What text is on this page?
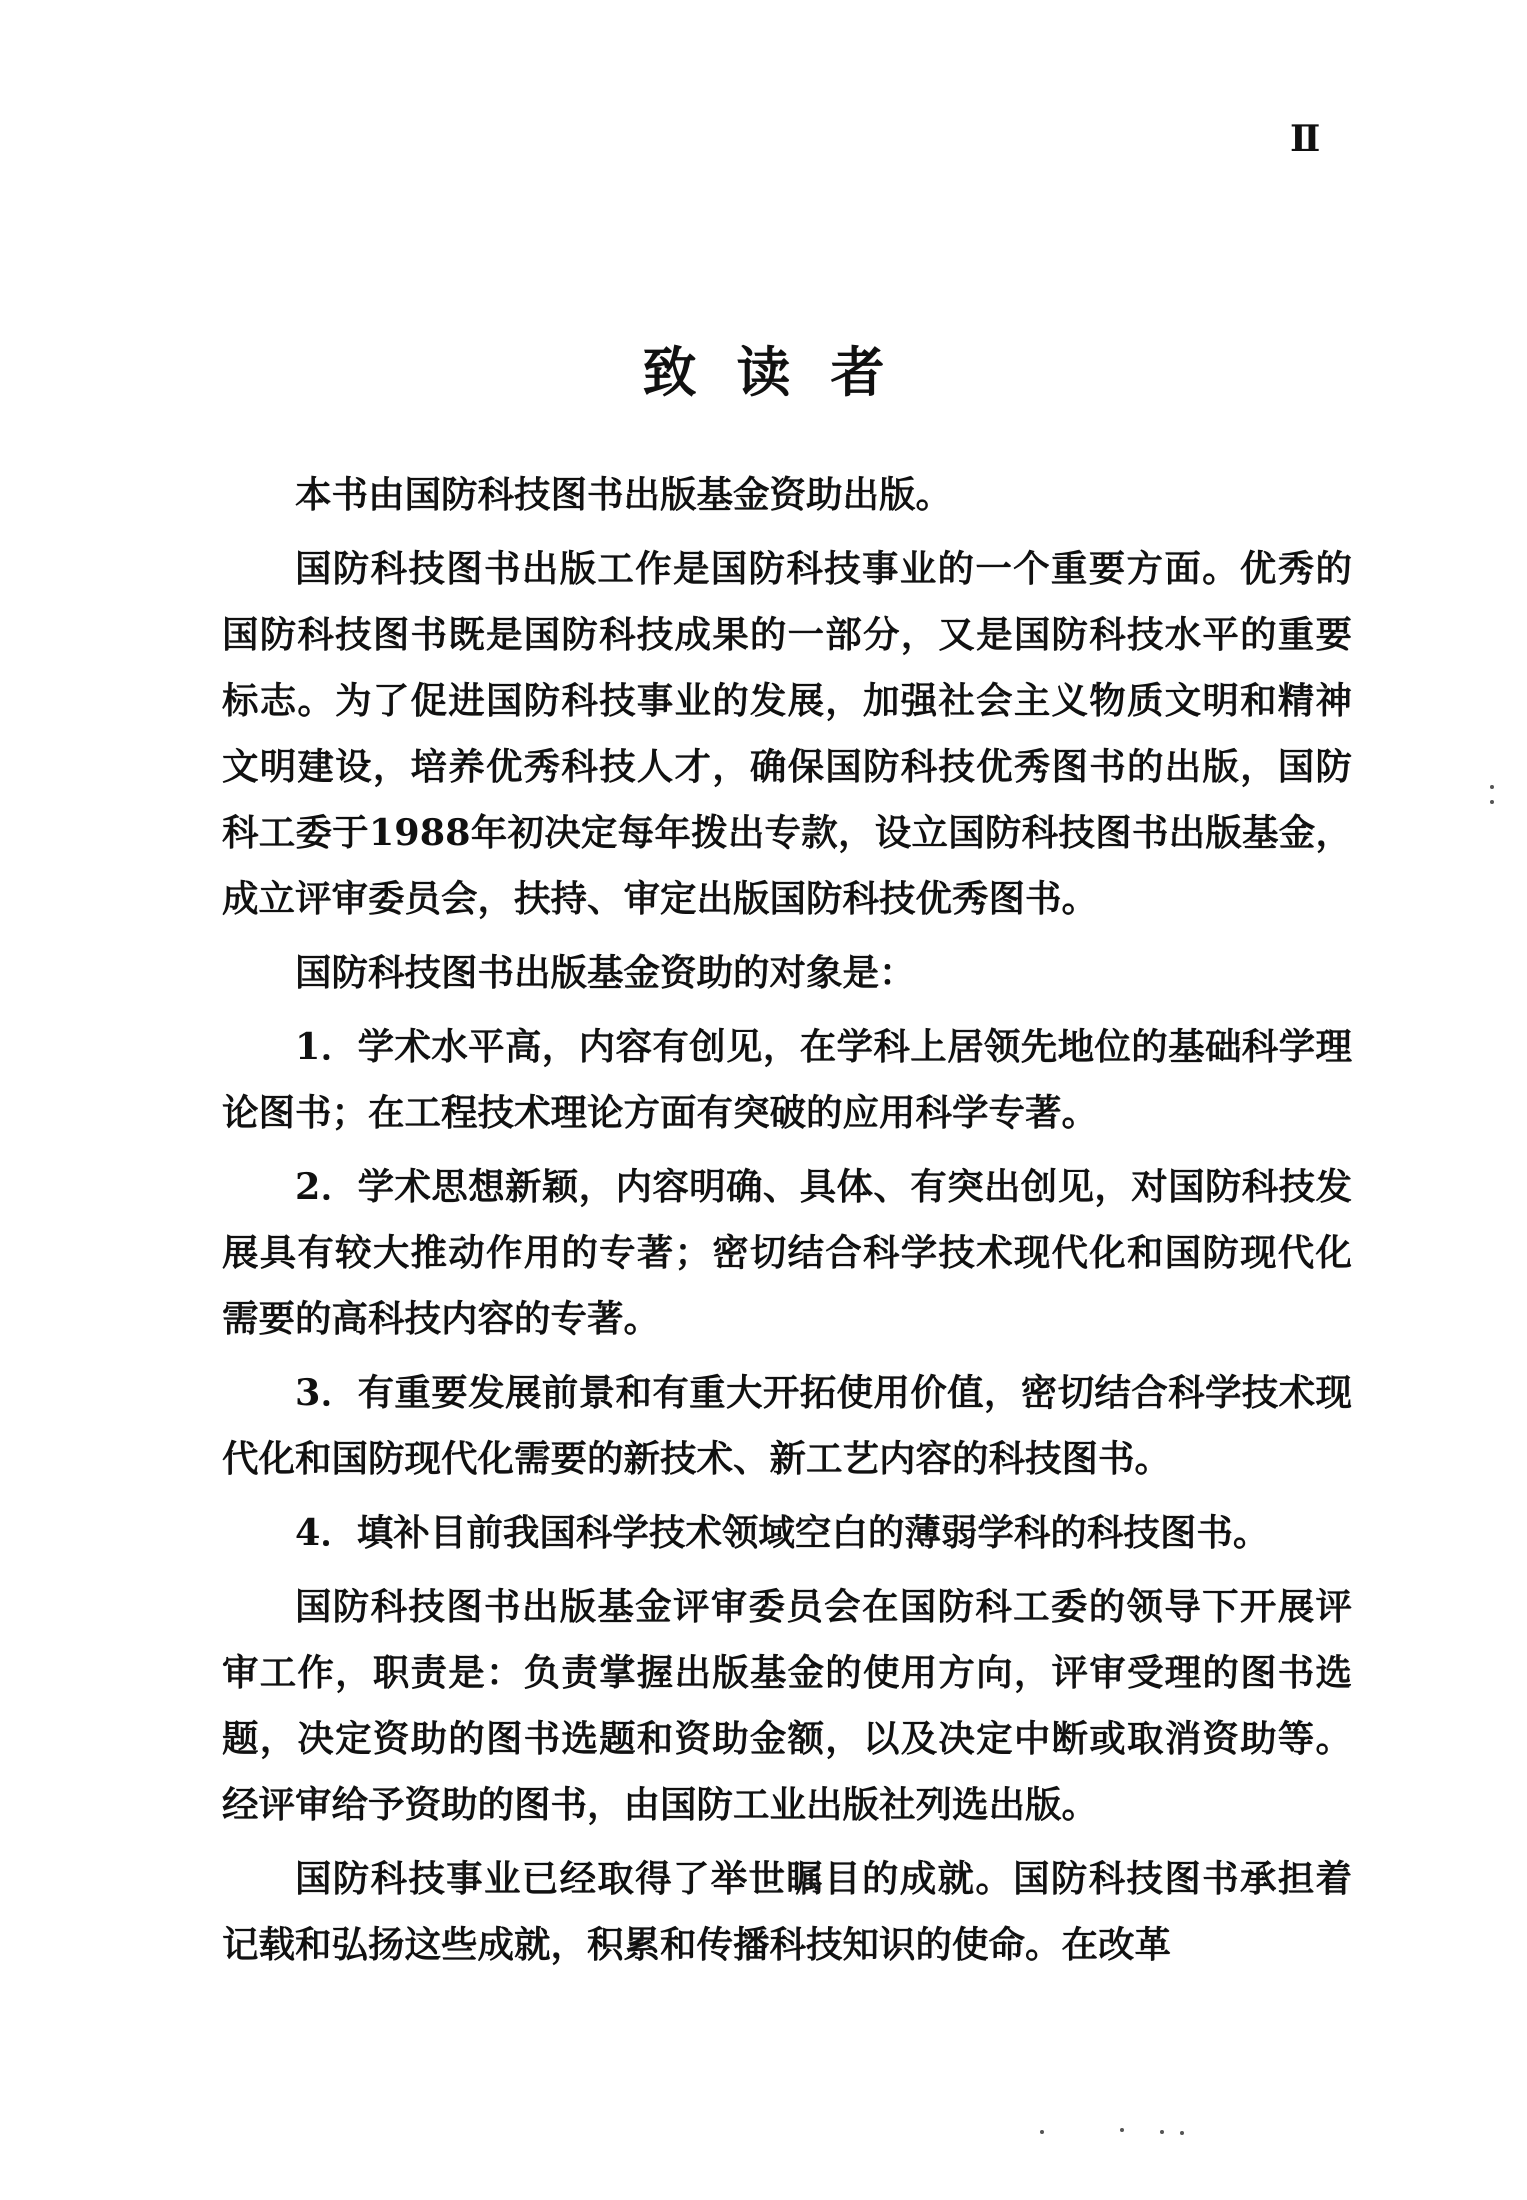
Ⅱ
致读者

本书由国防科技图书出版基金资助出版。

国防科技图书出版工作是国防科技事业的一个重要方面。优秀的国防科技图书既是国防科技成果的一部分，又是国防科技水平的重要标志。为了促进国防科技事业的发展，加强社会主义物质文明和精神文明建设，培养优秀科技人才，确保国防科技优秀图书的出版，国防科工委于1988年初决定每年拨出专款，设立国防科技图书出版基金，成立评审委员会，扶持、审定出版国防科技优秀图书。

国防科技图书出版基金资助的对象是：

1．学术水平高，内容有创见，在学科上居领先地位的基础科学理论图书；在工程技术理论方面有突破的应用科学专著。

2．学术思想新颖，内容明确、具体、有突出创见，对国防科技发展具有较大推动作用的专著；密切结合科学技术现代化和国防现代化需要的高科技内容的专著。

3．有重要发展前景和有重大开拓使用价值，密切结合科学技术现代化和国防现代化需要的新技术、新工艺内容的科技图书。

4．填补目前我国科学技术领域空白的薄弱学科的科技图书。

国防科技图书出版基金评审委员会在国防科工委的领导下开展评审工作，职责是：负责掌握出版基金的使用方向，评审受理的图书选题，决定资助的图书选题和资助金额，以及决定中断或取消资助等。经评审给予资助的图书，由国防工业出版社列选出版。

国防科技事业已经取得了举世瞩目的成就。国防科技图书承担着记载和弘扬这些成就，积累和传播科技知识的使命。在改革
